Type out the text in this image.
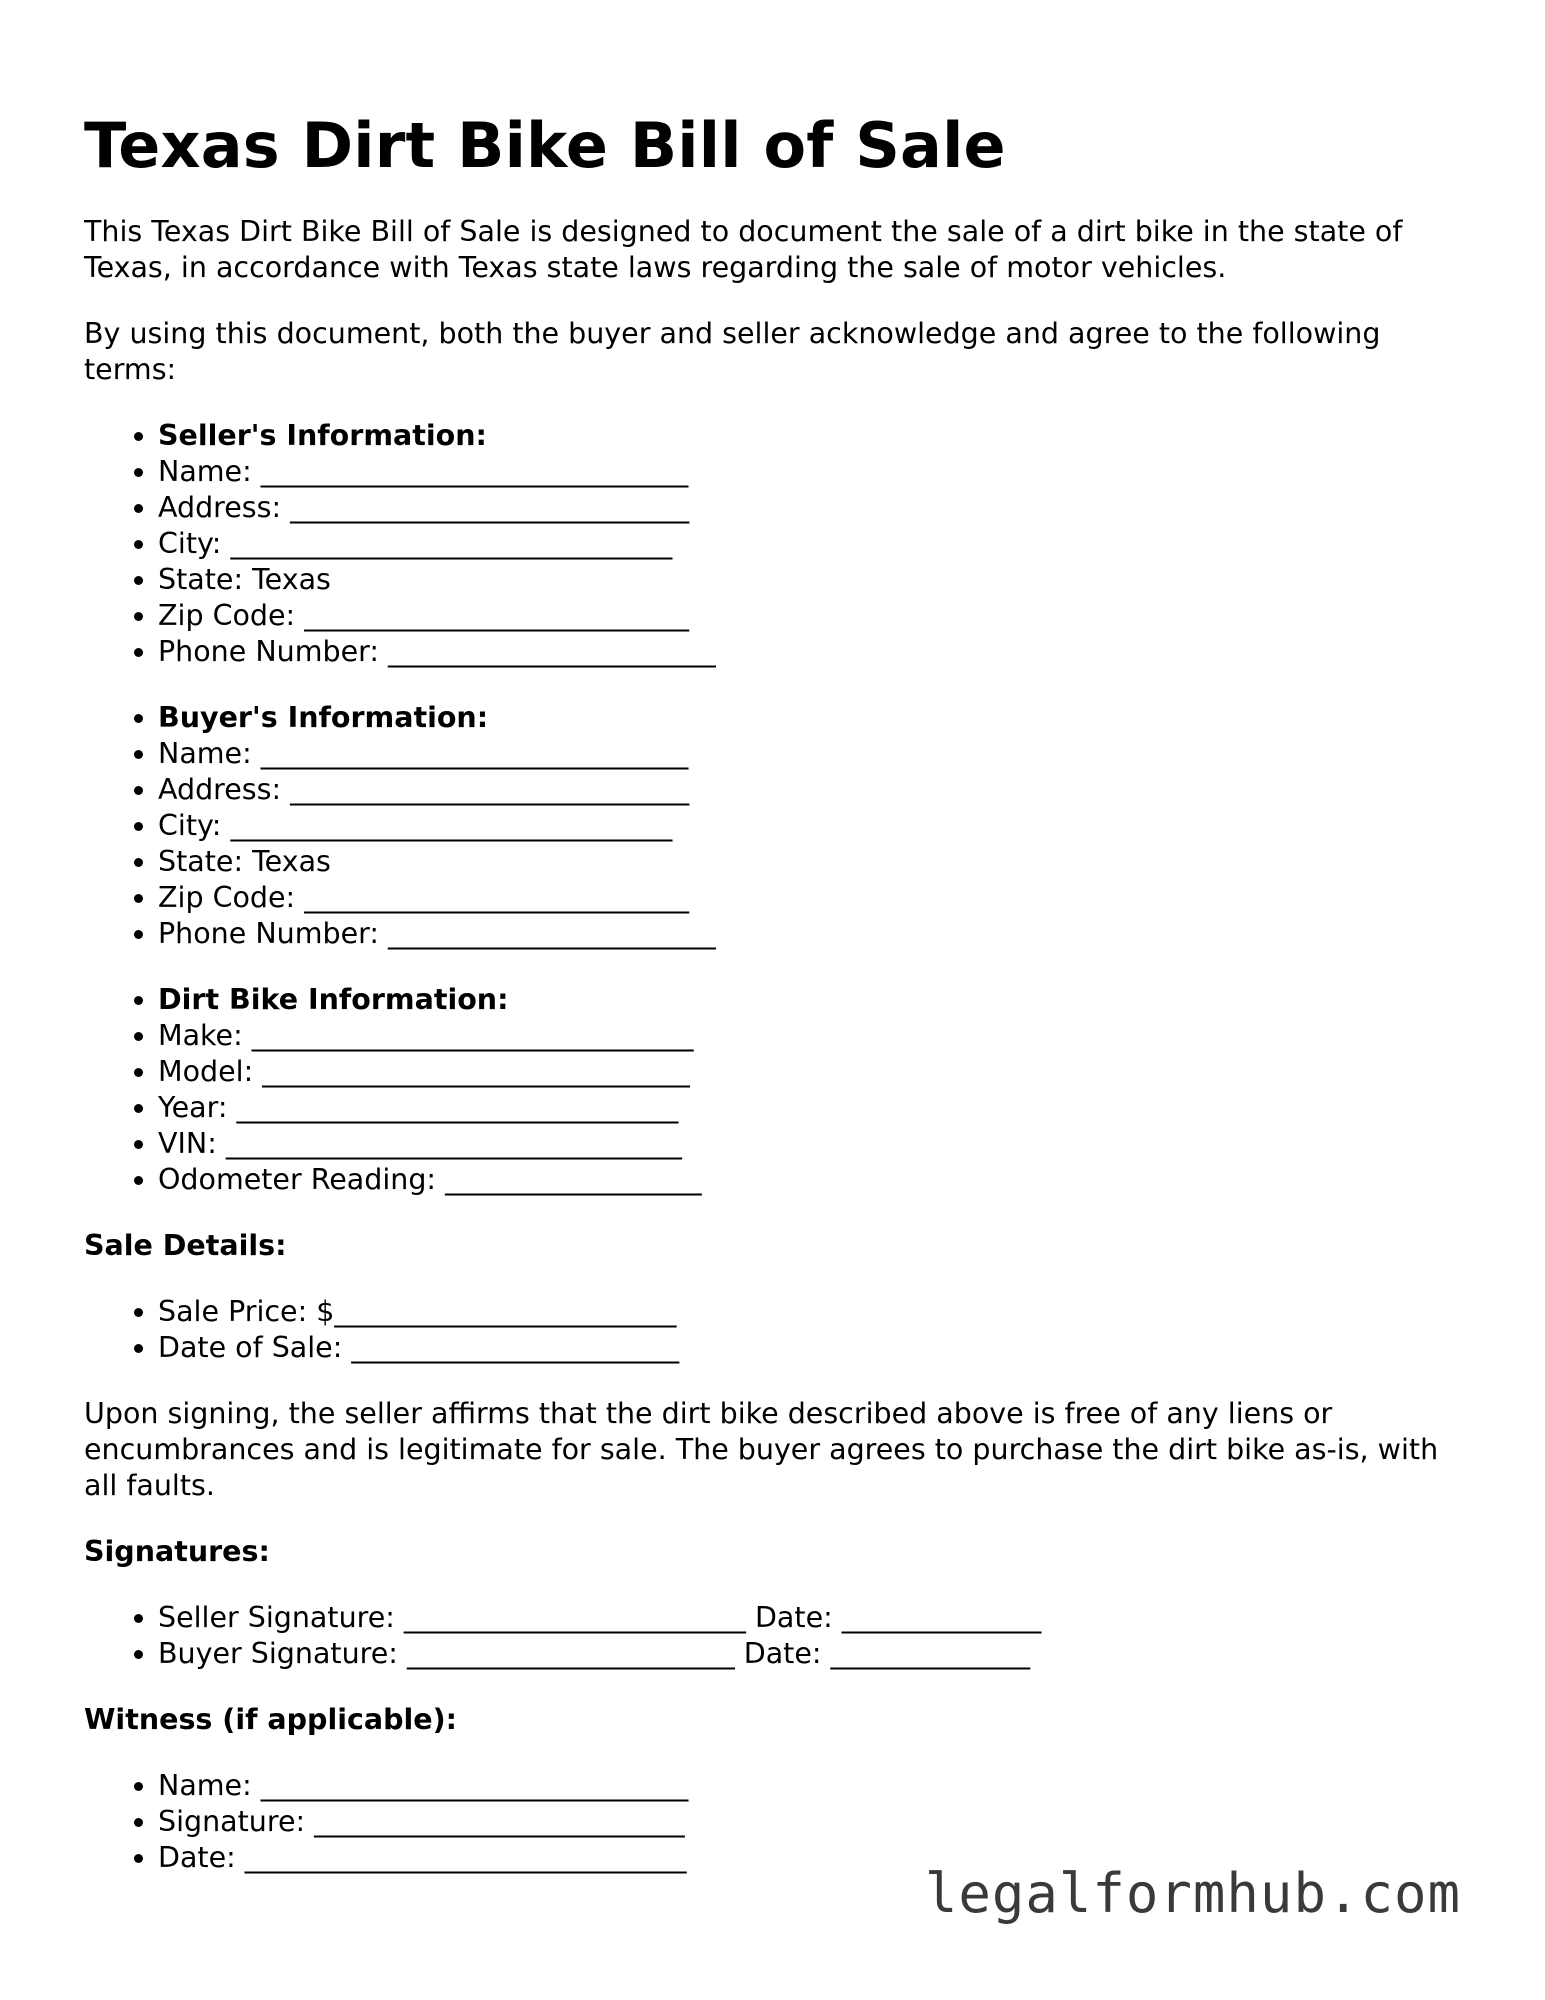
Texas Dirt Bike Bill of Sale

This Texas Dirt Bike Bill of Sale is designed to document the sale of a dirt bike in the state of Texas, in accordance with Texas state laws regarding the sale of motor vehicles.

By using this document, both the buyer and seller acknowledge and agree to the following terms:

• Seller's Information:
• Name: ______________________________
• Address: ____________________________
• City: _______________________________
• State: Texas
• Zip Code: ___________________________
• Phone Number: _______________________
• Buyer's Information:
• Name: ______________________________
• Address: ____________________________
• City: _______________________________
• State: Texas
• Zip Code: ___________________________
• Phone Number: _______________________
• Dirt Bike Information:
• Make: _______________________________
• Model: ______________________________
• Year: _______________________________
• VIN: ________________________________
• Odometer Reading: __________________

Sale Details:

• Sale Price: $________________________
• Date of Sale: _______________________

Upon signing, the seller affirms that the dirt bike described above is free of any liens or encumbrances and is legitimate for sale. The buyer agrees to purchase the dirt bike as-is, with all faults.

Signatures:

• Seller Signature: ________________________ Date: ______________
• Buyer Signature: _______________________ Date: ______________

Witness (if applicable):

• Name: ______________________________
• Signature: __________________________
• Date: _______________________________
legalformhub.com
